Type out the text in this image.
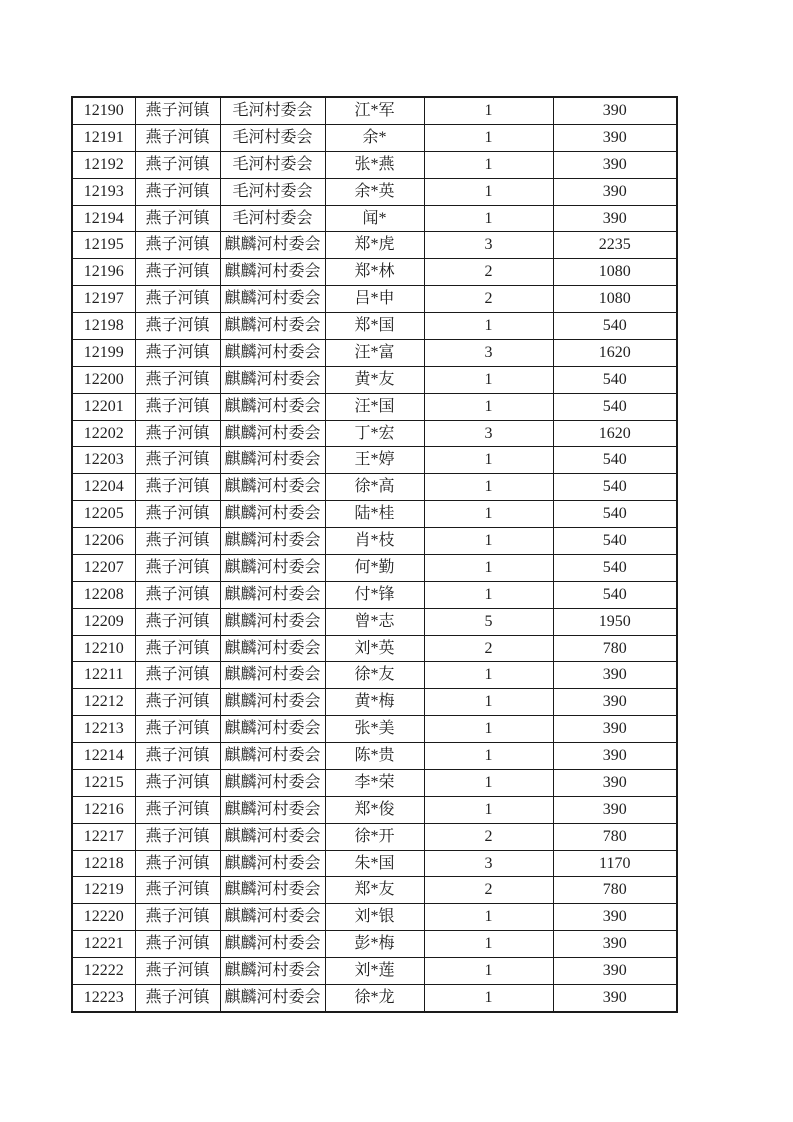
12190	燕子河镇	毛河村委会	江*军	1	390
12191	燕子河镇	毛河村委会	余*	1	390
12192	燕子河镇	毛河村委会	张*燕	1	390
12193	燕子河镇	毛河村委会	余*英	1	390
12194	燕子河镇	毛河村委会	闻*	1	390
12195	燕子河镇	麒麟河村委会	郑*虎	3	2235
12196	燕子河镇	麒麟河村委会	郑*林	2	1080
12197	燕子河镇	麒麟河村委会	吕*申	2	1080
12198	燕子河镇	麒麟河村委会	郑*国	1	540
12199	燕子河镇	麒麟河村委会	汪*富	3	1620
12200	燕子河镇	麒麟河村委会	黄*友	1	540
12201	燕子河镇	麒麟河村委会	汪*国	1	540
12202	燕子河镇	麒麟河村委会	丁*宏	3	1620
12203	燕子河镇	麒麟河村委会	王*婷	1	540
12204	燕子河镇	麒麟河村委会	徐*高	1	540
12205	燕子河镇	麒麟河村委会	陆*桂	1	540
12206	燕子河镇	麒麟河村委会	肖*枝	1	540
12207	燕子河镇	麒麟河村委会	何*勤	1	540
12208	燕子河镇	麒麟河村委会	付*锋	1	540
12209	燕子河镇	麒麟河村委会	曾*志	5	1950
12210	燕子河镇	麒麟河村委会	刘*英	2	780
12211	燕子河镇	麒麟河村委会	徐*友	1	390
12212	燕子河镇	麒麟河村委会	黄*梅	1	390
12213	燕子河镇	麒麟河村委会	张*美	1	390
12214	燕子河镇	麒麟河村委会	陈*贵	1	390
12215	燕子河镇	麒麟河村委会	李*荣	1	390
12216	燕子河镇	麒麟河村委会	郑*俊	1	390
12217	燕子河镇	麒麟河村委会	徐*开	2	780
12218	燕子河镇	麒麟河村委会	朱*国	3	1170
12219	燕子河镇	麒麟河村委会	郑*友	2	780
12220	燕子河镇	麒麟河村委会	刘*银	1	390
12221	燕子河镇	麒麟河村委会	彭*梅	1	390
12222	燕子河镇	麒麟河村委会	刘*莲	1	390
12223	燕子河镇	麒麟河村委会	徐*龙	1	390
